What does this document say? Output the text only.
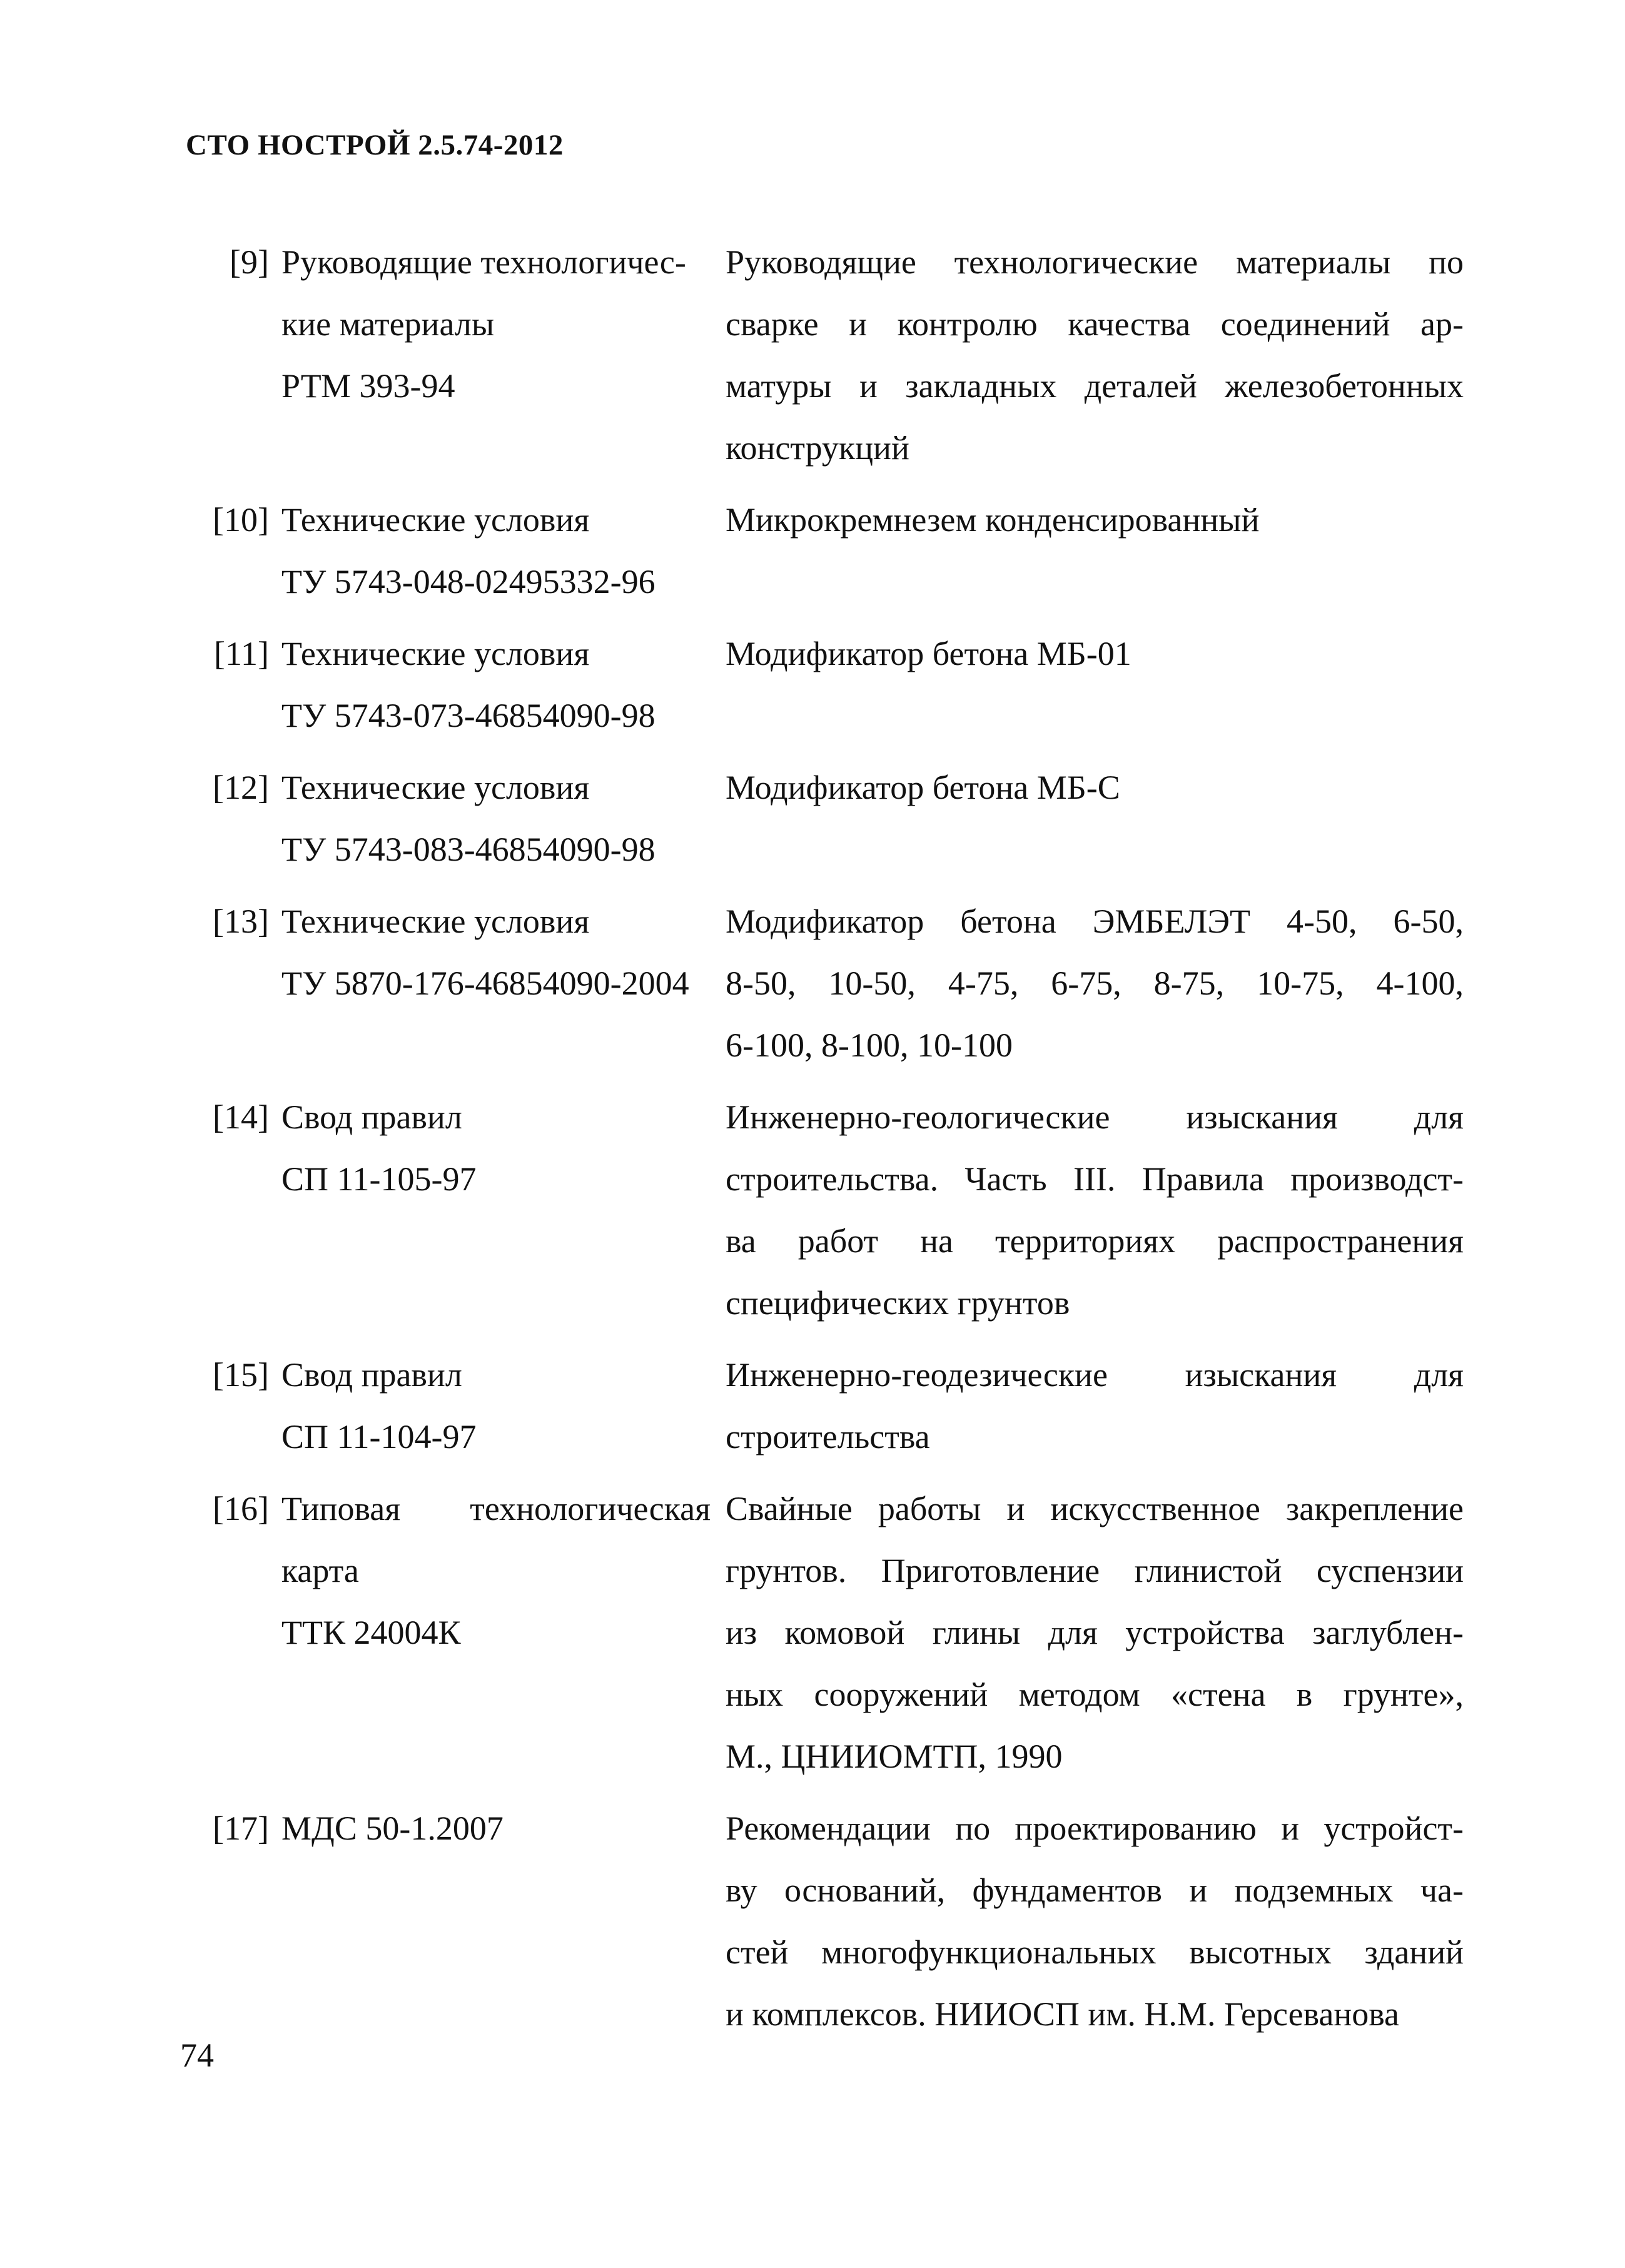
СТО НОСТРОЙ 2.5.74-2012
[9] Руководящие технологичес-
кие материалы
РТМ 393-94
Руководящие технологические материалы по
сварке и контролю качества соединений ар-
матуры и закладных деталей железобетонных
конструкций
[10] Технические условия
ТУ 5743-048-02495332-96
Микрокремнезем конденсированный
[11] Технические условия
ТУ 5743-073-46854090-98
Модификатор бетона МБ-01
[12] Технические условия
ТУ 5743-083-46854090-98
Модификатор бетона МБ-С
[13] Технические условия
ТУ 5870-176-46854090-2004
Модификатор бетона ЭМБЕЛЭТ 4-50, 6-50,
8-50, 10-50, 4-75, 6-75, 8-75, 10-75, 4-100,
6-100, 8-100, 10-100
[14] Свод правил
СП 11-105-97
Инженерно-геологические изыскания для
строительства. Часть III. Правила производст-
ва работ на территориях распространения
специфических грунтов
[15] Свод правил
СП 11-104-97
Инженерно-геодезические изыскания для
строительства
[16] Типовая технологическая
карта
ТТК 24004К
Свайные работы и искусственное закрепление
грунтов. Приготовление глинистой суспензии
из комовой глины для устройства заглублен-
ных сооружений методом «стена в грунте»,
М., ЦНИИОМТП, 1990
[17] МДС 50-1.2007	Рекомендации по проектированию и устройст-
ву оснований, фундаментов и подземных ча-
стей многофункциональных высотных зданий
и комплексов. НИИОСП им. Н.М. Герсеванова
74
